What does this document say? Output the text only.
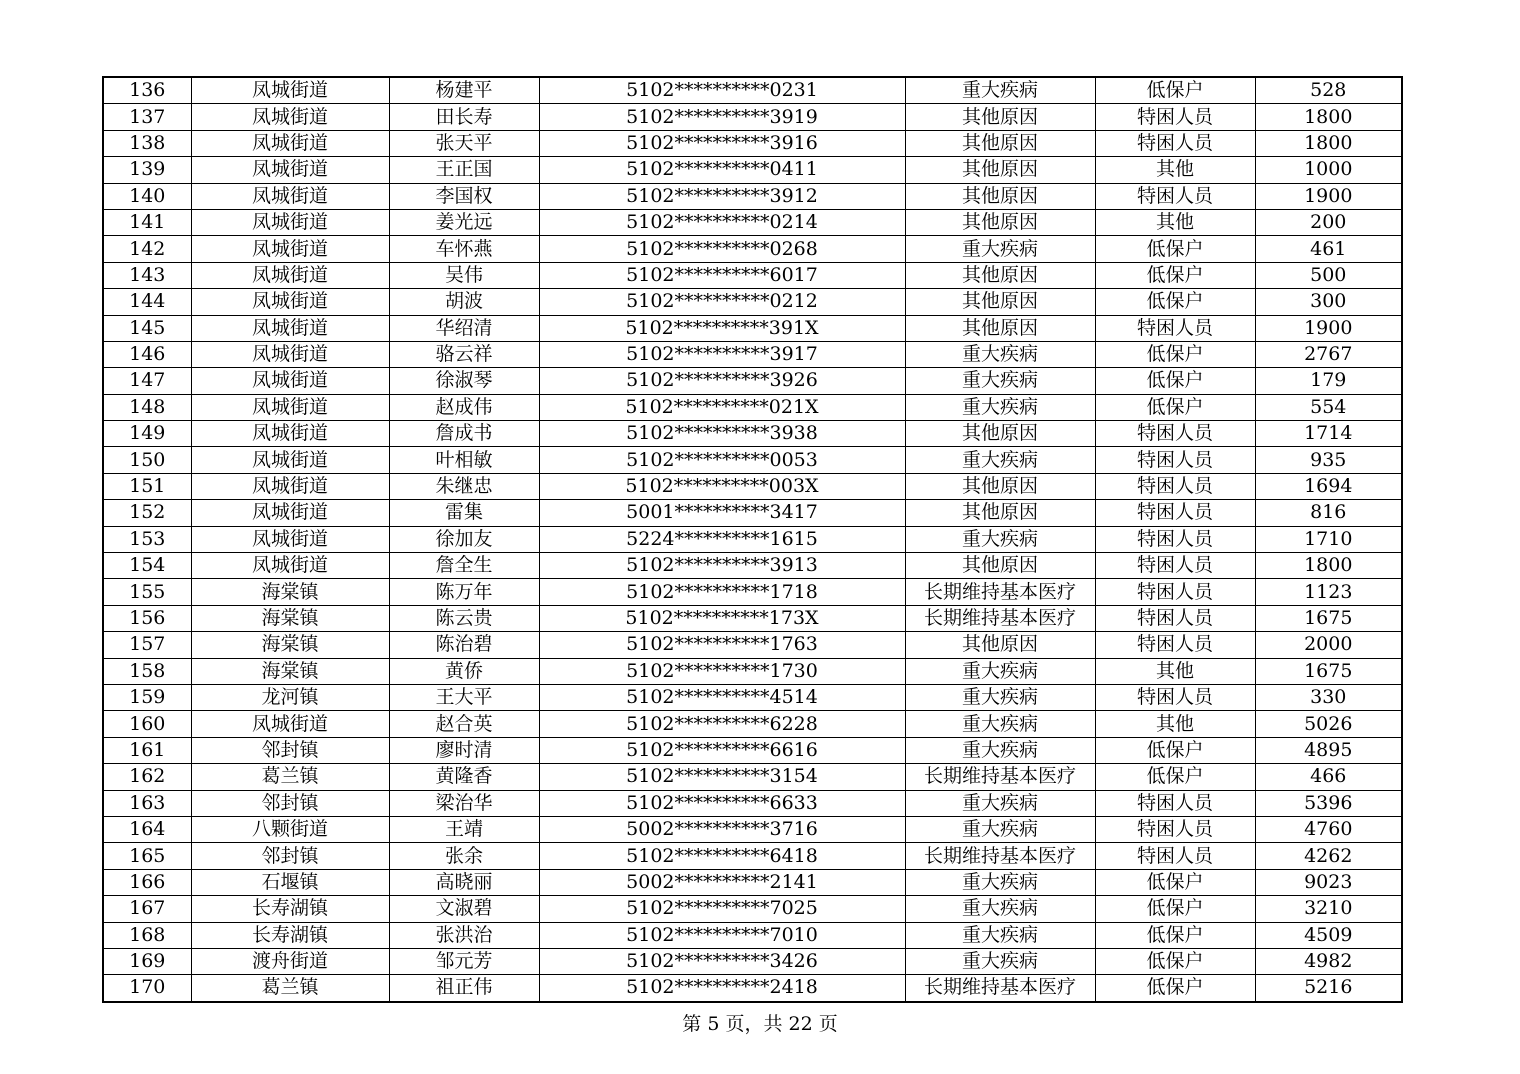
136	凤城街道	杨建平	5102**********0231	重大疾病	低保户	528
137	凤城街道	田长寿	5102**********3919	其他原因	特困人员	1800
138	凤城街道	张天平	5102**********3916	其他原因	特困人员	1800
139	凤城街道	王正国	5102**********0411	其他原因	其他	1000
140	凤城街道	李国权	5102**********3912	其他原因	特困人员	1900
141	凤城街道	姜光远	5102**********0214	其他原因	其他	200
142	凤城街道	车怀燕	5102**********0268	重大疾病	低保户	461
143	凤城街道	吴伟	5102**********6017	其他原因	低保户	500
144	凤城街道	胡波	5102**********0212	其他原因	低保户	300
145	凤城街道	华绍清	5102**********391X	其他原因	特困人员	1900
146	凤城街道	骆云祥	5102**********3917	重大疾病	低保户	2767
147	凤城街道	徐淑琴	5102**********3926	重大疾病	低保户	179
148	凤城街道	赵成伟	5102**********021X	重大疾病	低保户	554
149	凤城街道	詹成书	5102**********3938	其他原因	特困人员	1714
150	凤城街道	叶相敏	5102**********0053	重大疾病	特困人员	935
151	凤城街道	朱继忠	5102**********003X	其他原因	特困人员	1694
152	凤城街道	雷集	5001**********3417	其他原因	特困人员	816
153	凤城街道	徐加友	5224**********1615	重大疾病	特困人员	1710
154	凤城街道	詹全生	5102**********3913	其他原因	特困人员	1800
155	海棠镇	陈万年	5102**********1718	长期维持基本医疗	特困人员	1123
156	海棠镇	陈云贵	5102**********173X	长期维持基本医疗	特困人员	1675
157	海棠镇	陈治碧	5102**********1763	其他原因	特困人员	2000
158	海棠镇	黄侨	5102**********1730	重大疾病	其他	1675
159	龙河镇	王大平	5102**********4514	重大疾病	特困人员	330
160	凤城街道	赵合英	5102**********6228	重大疾病	其他	5026
161	邻封镇	廖时清	5102**********6616	重大疾病	低保户	4895
162	葛兰镇	黄隆香	5102**********3154	长期维持基本医疗	低保户	466
163	邻封镇	梁治华	5102**********6633	重大疾病	特困人员	5396
164	八颗街道	王靖	5002**********3716	重大疾病	特困人员	4760
165	邻封镇	张余	5102**********6418	长期维持基本医疗	特困人员	4262
166	石堰镇	高晓丽	5002**********2141	重大疾病	低保户	9023
167	长寿湖镇	文淑碧	5102**********7025	重大疾病	低保户	3210
168	长寿湖镇	张洪治	5102**********7010	重大疾病	低保户	4509
169	渡舟街道	邹元芳	5102**********3426	重大疾病	低保户	4982
170	葛兰镇	祖正伟	5102**********2418	长期维持基本医疗	低保户	5216
第 5 页，共 22 页
